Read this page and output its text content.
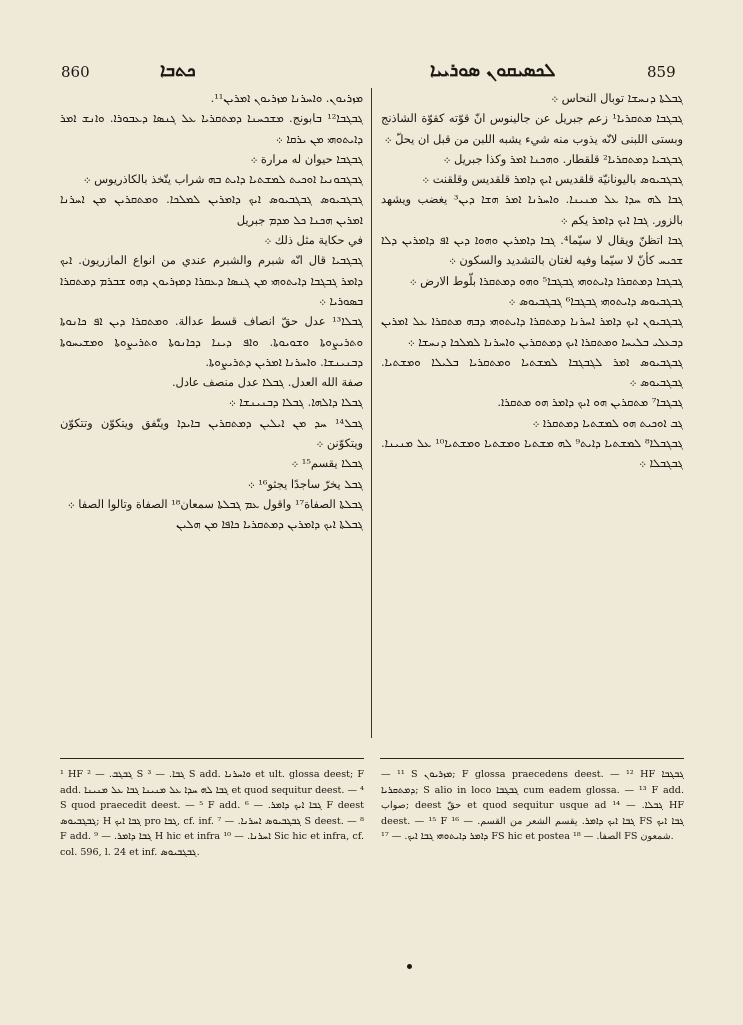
860	ܟܬܒܐ	ܠܟܣܝܩܘܢ ܣܘܪܝܝܐ	859

ܡܙܪܝܘܢ. ܘܐܚܪܢܐ ܡܙܪܝܘܢ ܐܡܪܝܢ¹¹.

ܓܒܓܒܐ¹² ܒابونج. ܡܫܟܚܢܐ ܕܡܬܩܪܝܐ ܥܠ ܓܢܣܐ ܕܥܒܘܪܐ. ܘܐܢܫ ܐܡܪ ܕܐܝܬܘܗܝ ܡܢ ܝܪܩܐ ܀

ܓܒܓܒܐ حيوان له مرارة ܀

ܓܒܓܒܘܢܝܐ ܐܘܟܝܬ ܠܡܫܬܝܐ ܕܐܝܬ ܒܗ شراب يتّخذ بالكاذريوس ܀

ܓܒܓܒܝܘܣ ܓܒܓܒܝܘܣ ܐܝܟ ܕܐܡܪܝܢ ܠܡܠܟܐ. ܘܡܬܩܪܝܢ ܡܢ ܐܚܪܢܐ ܐܡܪܝܢ ܗܟܢܐ ܟܠ ܡܕܡ جبريل

في حكاية مثل ذلك ܀

ܓܒܓܒܝܐ قال انّه شبرم والشبرم عندي من انواع المازريون. ܐܝܟ ܕܐܡܪ ܓܒܓܒܐ ܕܐܝܬܘܗܝ ܡܢ ܓܢܣܐ ܕܥܩܪܐ ܕܡܙܪܝܘܢ ܕܗܘ ܫܒܪܡ ܕܡܬܩܪܐ ܒܣܘܪܝܐ ܀

ܓܒܠܐ¹³ عدل حقّ انصاف قسط عدالة. ܘܡܬܩܪܐ ܕܝܢ ܐܦ ܟܐܢܘܬܐ ܘܬܪܝܨܘܬܐ ܘܫܘܝܘܬܐ. ܘܐܦ ܕܝܢܐ ܕܟܐܢܘܬܐ ܘܬܪܝܨܘܬܐ ܘܡܫܝܚܘܬܐ ܕܒܢܝܢܫܐ. ܘܐܚܪܢܐ ܐܡܪܝܢ ܕܬܪܝܨܘܬܐ.

صفة الله العدل. ܓܒܠܐ عدل منصف عادل.

ܓܒܠܐ ܕܐܠܗܐ. ܓܒܠܐ ܕܒܢܝܢܫܐ ܀

ܓܒܠ¹⁴ ܚܕ ܡܢ ܐܝܠܝܢ ܕܡܬܩܪܝܢ ܒܐܝܕܐ ويتّفق ويتكوّن وتتكوّن ويتكوّنن ܀

ܓܒܠܐ يقسم¹⁵ ܀

ܓܒܠ يخرّ ساجدًا يجثو¹⁶ ܀

ܓܒܠܬܐ الصفاة¹⁷ واقول ܥܡ ܓܒܠܬܐ سمعان¹⁸ الصفاة وتالوا الصفا ܀

ܓܒܠܬܐ ܐܝܟ ܕܐܡܪܝܢ ܕܡܬܩܪܝܐ ܟܐܦܐ ܡܢ ܗܠܝܢ

ܓܒܠܬܐ ܕܢܚܫܐ توبال النحاس ܀

ܓܒܓܒܐ ܡܬܩܪܝܐ¹ زعم جبريل عن جالينوس انّ قوّته كقوّة الشاذنج وبستى اللبنى لانّه يذوب منه شيء يشبه اللبن من قبل ان يحلّ ܀

ܓܒܓܒܝܐ ܕܡܬܩܪܝܐ² قلقطار. ܘܗܟܢܐ ܐܡܪ وكذا جبريل ܀

ܓܒܓܒܝܘܣ باليونانيّة قلقديس ܐܝܟ ܕܐܡܪ قلقديس وقلقنت ܀

ܓܒܐ ܠܗ ܚܕܐ ܥܠ ܡܢܝܢܐ. ܘܐܚܪܢܐ ܐܡܪ ܗܫܐ ܕܝܢ³ يغضب ويشهد بالزور. ܓܒܐ ܐܝܟ ܕܐܡܪ يكم ܀

ܓܒܐ اتظنّ ويقال لا سيّما⁴. ܓܒܐ ܕܐܡܪܝܢ ܘܗܘܐ ܕܝܢ ܐܦ ܕܐܡܪܝܢ ܕܠܐ ܫܟܝܚ كأنّ لا سيّما وفيه لغتان بالتشديد والسكون ܀

ܓܒܓܒܐ ܕܡܬܩܪܐ ܕܐܝܬܘܗܝ ܓܒܓܒܐ⁵ ܘܗܘ ܕܡܬܩܪܐ بلّوط الارض ܀

ܓܒܓܒܝܘܣ ܕܐܝܬܘܗܝ ܓܒܓܒܐ⁶ ܓܒܓܒܝܘܣ ܀

ܓܒܓܒܝܘܢ ܐܝܟ ܕܐܡܪ ܐܚܪܢܐ ܕܡܬܩܪܐ ܕܐܝܬܘܗܝ ܕܒܗ ܡܬܩܪܐ ܥܠ ܐܡܪܝܢ ܕܒܥܠܝ ܒܠܝܚܐ ܘܡܬܩܪܐ ܐܝܟ ܕܡܬܩܪܝܢ ܘܐܚܪܢܐ ܠܡܠܟܐ ܕܢܚܫܐ ܀

ܓܒܓܒܝܘܣ ܐܡܪ ܠܓܒܓܒܐ ܠܡܫܬܝܐ ܘܡܬܩܪܝܐ ܒܠܝܠܐ ܘܡܫܬܝܐ. ܓܒܓܒܝܘܣ ܀

ܓܒܓܒܐ⁷ ܡܬܩܪܝܢ ܗܘ ܐܝܟ ܕܐܡܪ ܗܘ ܡܬܩܪܐ.

ܓܒ ܐܘܟܝܬ ܗܘ ܠܡܫܬܝܐ ܕܡܬܩܪܐ ܀

ܓܒܓܒܠܐ⁸ ܠܡܫܬܝܐ ܕܐܝܬ⁹ ܠܗ ܡܫܬܝܐ ܘܡܫܬܝܐ ܘܡܫܬܝܐ¹⁰ ܥܠ ܡܢܝܢܐ. ܓܒܓܒܠܐ ܀

¹ HF ܓܒܓܒ. — ² S ܓܒܐ. — ³ S add. ܘܐܚܪܢܐ et ult. glossa deest; F add. ܓܒܐ ܠܗ ܚܕܐ ܥܠ ܡܢܝܢܐ ܓܒܐ ܥܠ ܡܢܝܢܐ et quod sequitur deest. — ⁴ S quod praecedit deest. — ⁵ F add. ܓܒܐ ܐܝܟ ܕܐܡܪ. — ⁶ F deest ܓܒܓܒܝܘܣ; H ܓܒܐ ܐܝܟ pro ܓܒܐ, cf. inf. ܓܒܓܒܝܘܣ ܐܚܪܢܐ. — ⁷ S deest. — ⁸ F add. ܓܒܐ ܕܐܡܪ. — ⁹ H hic et infra ܐܚܪܢܐ. — ¹⁰ Sic hic et infra, cf. col. 596, l. 24 et inf. ܓܒܓܒܝܘܣ.

— ¹¹ S ܡܙܪܝܘܢ; F glossa praecedens deest. — ¹² HF ܓܒܓܒܐ ܕܡܬܩܪܝܐ; S alio in loco ܓܒܓܒܐ cum eadem glossa. — ¹³ F add. صواب; deest حقّ et quod sequitur usque ad ܓܒܠܐ. — ¹⁴ HF deest. — ¹⁵ F ܓܒܐ ܐܝܟ ܕܐܡܪ. يقسم الشعر من القسم. — ¹⁶ FS ܓܒܐ ܐܝܟ ܕܐܡܪ ܕܐܝܬܘܗܝ ܓܒܐ ܐܝܟ. — ¹⁷ FS hic et postea الصفا. — ¹⁸ FS شمعون.
